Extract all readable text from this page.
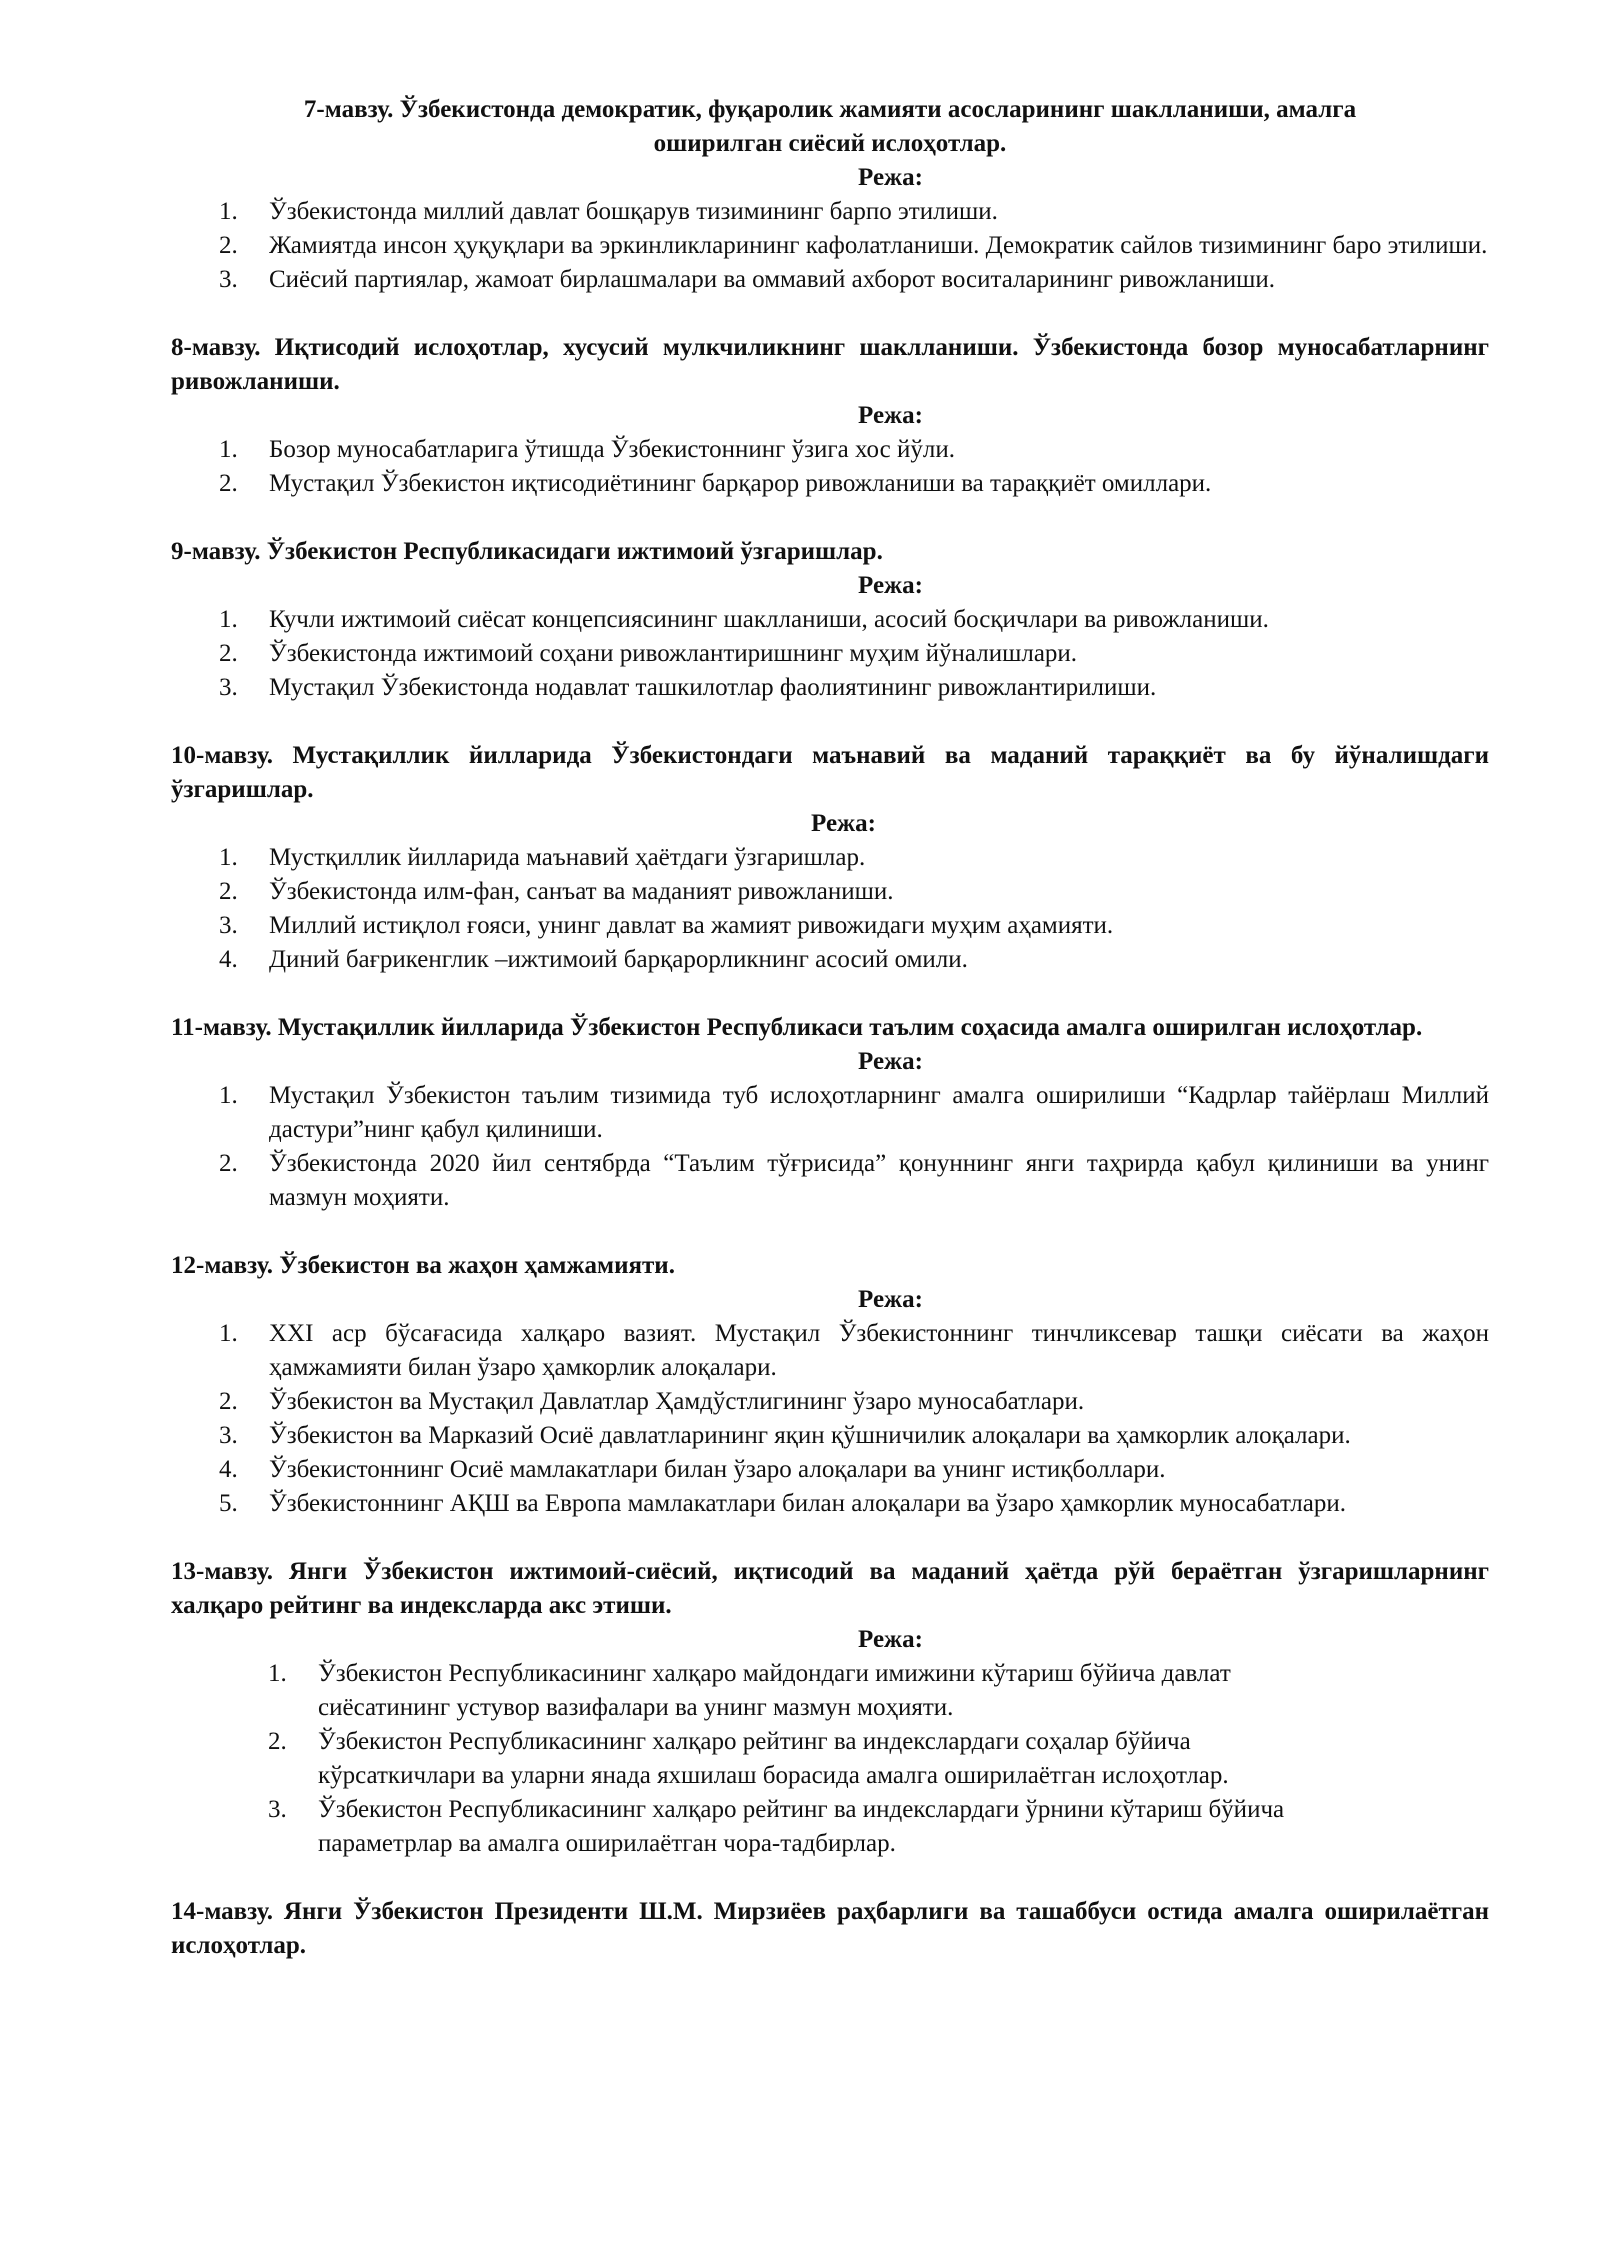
7-мавзу. Ўзбекистонда демократик, фуқаролик жамияти асосларининг шаклланиши, амалга
оширилган сиёсий ислоҳотлар.

Режа:

1. Ўзбекистонда миллий давлат бошқарув тизимининг барпо этилиши.
2. Жамиятда инсон ҳуқуқлари ва эркинликларининг кафолатланиши. Демократик сайлов тизимининг баро этилиши.
3. Сиёсий партиялар, жамоат бирлашмалари ва оммавий ахборот воситаларининг ривожланиши.

8-мавзу. Иқтисодий ислоҳотлар, хусусий мулкчиликнинг шаклланиши. Ўзбекистонда бозор муносабатларнинг ривожланиши.

Режа:

1. Бозор муносабатларига ўтишда Ўзбекистоннинг ўзига хос йўли.
2. Мустақил Ўзбекистон иқтисодиётининг барқарор ривожланиши ва тараққиёт омиллари.

9-мавзу. Ўзбекистон Республикасидаги ижтимоий ўзгаришлар.

Режа:

1. Кучли ижтимоий сиёсат концепсиясининг шаклланиши, асосий босқичлари ва ривожланиши.
2. Ўзбекистонда ижтимоий соҳани ривожлантиришнинг муҳим йўналишлари.
3. Мустақил Ўзбекистонда нодавлат ташкилотлар фаолиятининг ривожлантирилиши.

10-мавзу. Мустақиллик йилларида Ўзбекистондаги маънавий ва маданий тараққиёт ва бу йўналишдаги ўзгаришлар.

Режа:

1. Мустқиллик йилларида маънавий ҳаётдаги ўзгаришлар.
2. Ўзбекистонда илм-фан, санъат ва маданият ривожланиши.
3. Миллий истиқлол ғояси, унинг давлат ва жамият ривожидаги муҳим аҳамияти.
4. Диний бағрикенглик –ижтимоий барқарорликнинг асосий омили.

11-мавзу. Мустақиллик йилларида Ўзбекистон Республикаси таълим соҳасида амалга оширилган ислоҳотлар.

Режа:

1. Мустақил Ўзбекистон таълим тизимида туб ислоҳотларнинг амалга оширилиши “Кадрлар тайёрлаш Миллий дастури”нинг қабул қилиниши.
2. Ўзбекистонда 2020 йил сентябрда “Таълим тўғрисида” қонуннинг янги таҳрирда қабул қилиниши ва унинг мазмун моҳияти.

12-мавзу. Ўзбекистон ва жаҳон ҳамжамияти.

Режа:

1. XXI аср бўсағасида халқаро вазият. Мустақил Ўзбекистоннинг тинчликсевар ташқи сиёсати ва жаҳон ҳамжамияти билан ўзаро ҳамкорлик алоқалари.
2. Ўзбекистон ва Мустақил Давлатлар Ҳамдўстлигининг ўзаро муносабатлари.
3. Ўзбекистон ва Марказий Осиё давлатларининг яқин қўшничилик алоқалари ва ҳамкорлик алоқалари.
4. Ўзбекистоннинг Осиё мамлакатлари билан ўзаро алоқалари ва унинг истиқболлари.
5. Ўзбекистоннинг АҚШ ва Европа мамлакатлари билан алоқалари ва ўзаро ҳамкорлик муносабатлари.

13-мавзу. Янги Ўзбекистон ижтимоий-сиёсий, иқтисодий ва маданий ҳаётда рўй бераётган ўзгаришларнинг халқаро рейтинг ва индексларда акс этиши.

Режа:

1. Ўзбекистон Республикасининг халқаро майдондаги имижини кўтариш бўйича давлат
сиёсатининг устувор вазифалари ва унинг мазмун моҳияти.
2. Ўзбекистон Республикасининг халқаро рейтинг ва индекслардаги соҳалар бўйича
кўрсаткичлари ва уларни янада яхшилаш борасида амалга оширилаётган ислоҳотлар.
3. Ўзбекистон Республикасининг халқаро рейтинг ва индекслардаги ўрнини кўтариш бўйича
параметрлар ва амалга оширилаётган чора-тадбирлар.

14-мавзу. Янги Ўзбекистон Президенти Ш.М. Мирзиёев раҳбарлиги ва ташаббуси остида амалга оширилаётган ислоҳотлар.
